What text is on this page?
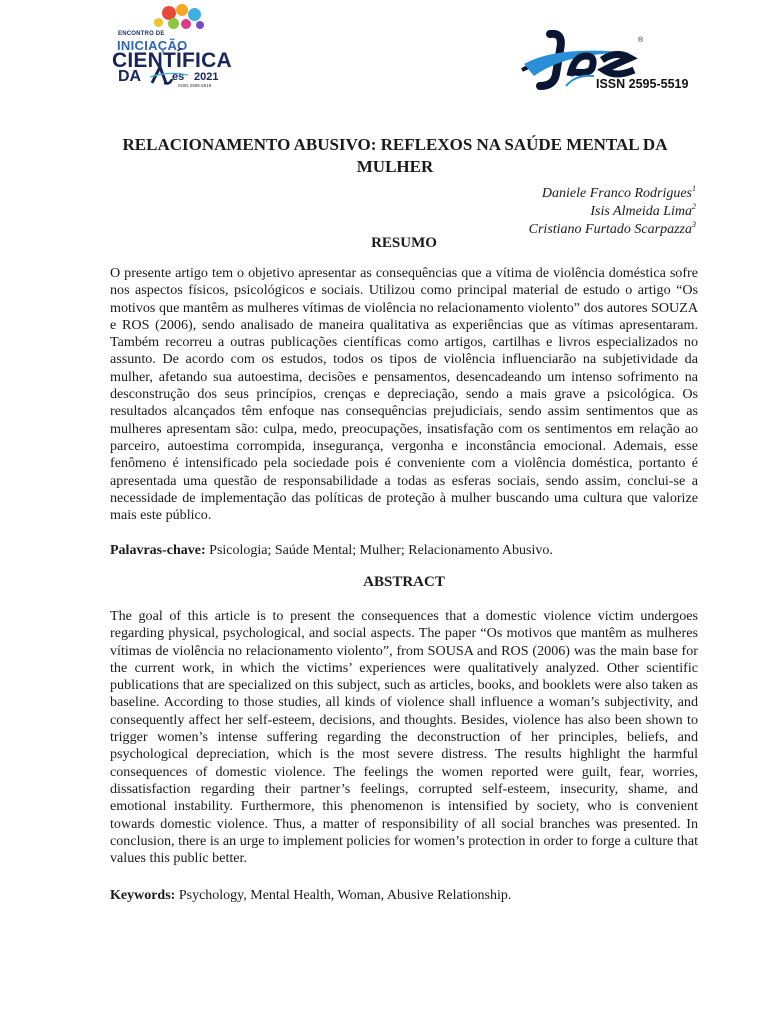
ENCONTRO DE
INICIAÇÃO
CIENTÍFICA
DA	es 2021
ISSN 2595-5519
®
ISSN 2595-5519
RELACIONAMENTO ABUSIVO: REFLEXOS NA SAÚDE MENTAL DA
MULHER
Daniele Franco Rodrigues$^1$
Isis Almeida Lima$^2$
Cristiano Furtado Scarpazza$^3$
RESUMO

O presente artigo tem o objetivo apresentar as consequências que a vítima de violência doméstica sofre nos aspectos físicos, psicológicos e sociais. Utilizou como principal material de estudo o artigo “Os motivos que mantêm as mulheres vítimas de violência no relacionamento violento” dos autores SOUZA e ROS (2006), sendo analisado de maneira qualitativa as experiências que as vítimas apresentaram. Também recorreu a outras publicações científicas como artigos, cartilhas e livros especializados no assunto. De acordo com os estudos, todos os tipos de violência influenciarão na subjetividade da mulher, afetando sua autoestima, decisões e pensamentos, desencadeando um intenso sofrimento na desconstrução dos seus princípios, crenças e depreciação, sendo a mais grave a psicológica. Os resultados alcançados têm enfoque nas consequências prejudiciais, sendo assim sentimentos que as mulheres apresentam são: culpa, medo, preocupações, insatisfação com os sentimentos em relação ao parceiro, autoestima corrompida, insegurança, vergonha e inconstância emocional. Ademais, esse fenômeno é intensificado pela sociedade pois é conveniente com a violência doméstica, portanto é apresentada uma questão de responsabilidade a todas as esferas sociais, sendo assim, conclui-se a necessidade de implementação das políticas de proteção à mulher buscando uma cultura que valorize mais este público.

Palavras-chave: Psicologia; Saúde Mental; Mulher; Relacionamento Abusivo.

ABSTRACT

The goal of this article is to present the consequences that a domestic violence victim undergoes regarding physical, psychological, and social aspects. The paper “Os motivos que mantêm as mulheres vítimas de violência no relacionamento violento”, from SOUSA and ROS (2006) was the main base for the current work, in which the victims’ experiences were qualitatively analyzed. Other scientific publications that are specialized on this subject, such as articles, books, and booklets were also taken as baseline. According to those studies, all kinds of violence shall influence a woman’s subjectivity, and consequently affect her self-esteem, decisions, and thoughts. Besides, violence has also been shown to trigger women’s intense suffering regarding the deconstruction of her principles, beliefs, and psychological depreciation, which is the most severe distress. The results highlight the harmful consequences of domestic violence. The feelings the women reported were guilt, fear, worries, dissatisfaction regarding their partner’s feelings, corrupted self-esteem, insecurity, shame, and emotional instability. Furthermore, this phenomenon is intensified by society, who is convenient towards domestic violence. Thus, a matter of responsibility of all social branches was presented. In conclusion, there is an urge to implement policies for women’s protection in order to forge a culture that values this public better.

Keywords: Psychology, Mental Health, Woman, Abusive Relationship.
